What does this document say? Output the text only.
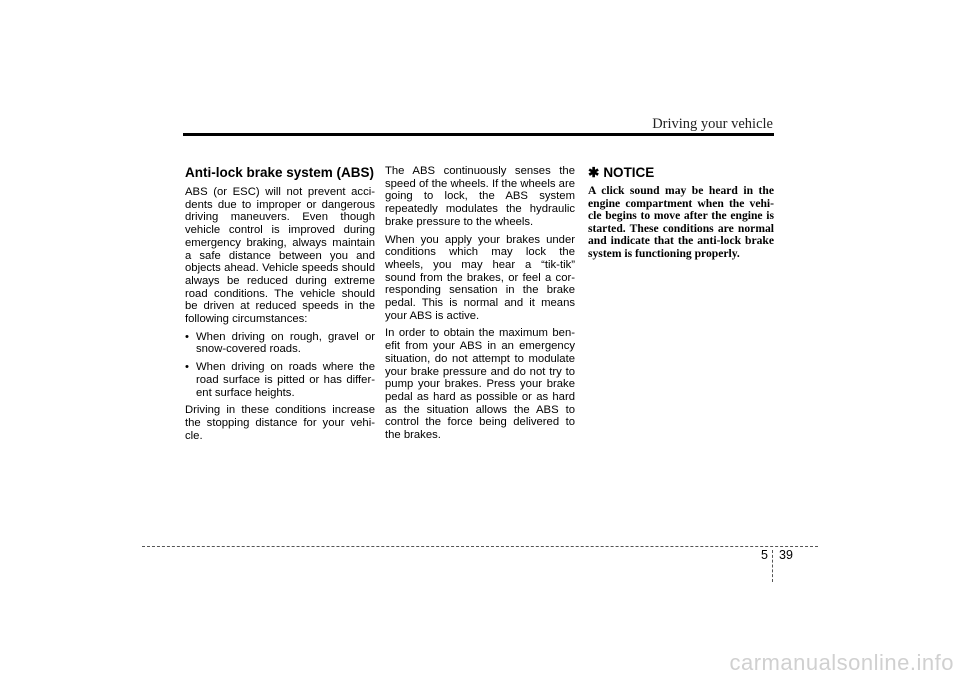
Driving your vehicle
Anti-lock brake system (ABS)

ABS (or ESC) will not prevent acci-dents due to improper or dangerous driving maneuvers. Even though vehicle control is improved during emergency braking, always maintain a safe distance between you and objects ahead. Vehicle speeds should always be reduced during extreme road conditions. The vehicle should be driven at reduced speeds in the following circumstances:

• When driving on rough, gravel or snow-covered roads.
• When driving on roads where the road surface is pitted or has differ-ent surface heights.

Driving in these conditions increase the stopping distance for your vehi-cle.

The ABS continuously senses the speed of the wheels. If the wheels are going to lock, the ABS system repeatedly modulates the hydraulic brake pressure to the wheels.

When you apply your brakes under conditions which may lock the wheels, you may hear a “tik-tik” sound from the brakes, or feel a cor-responding sensation in the brake pedal. This is normal and it means your ABS is active.

In order to obtain the maximum ben-efit from your ABS in an emergency situation, do not attempt to modulate your brake pressure and do not try to pump your brakes. Press your brake pedal as hard as possible or as hard as the situation allows the ABS to control the force being delivered to the brakes.

✱ NOTICE

A click sound may be heard in the engine compartment when the vehi-cle begins to move after the engine is started. These conditions are normal and indicate that the anti-lock brake system is functioning properly.

5 39
carmanualsonline.info
